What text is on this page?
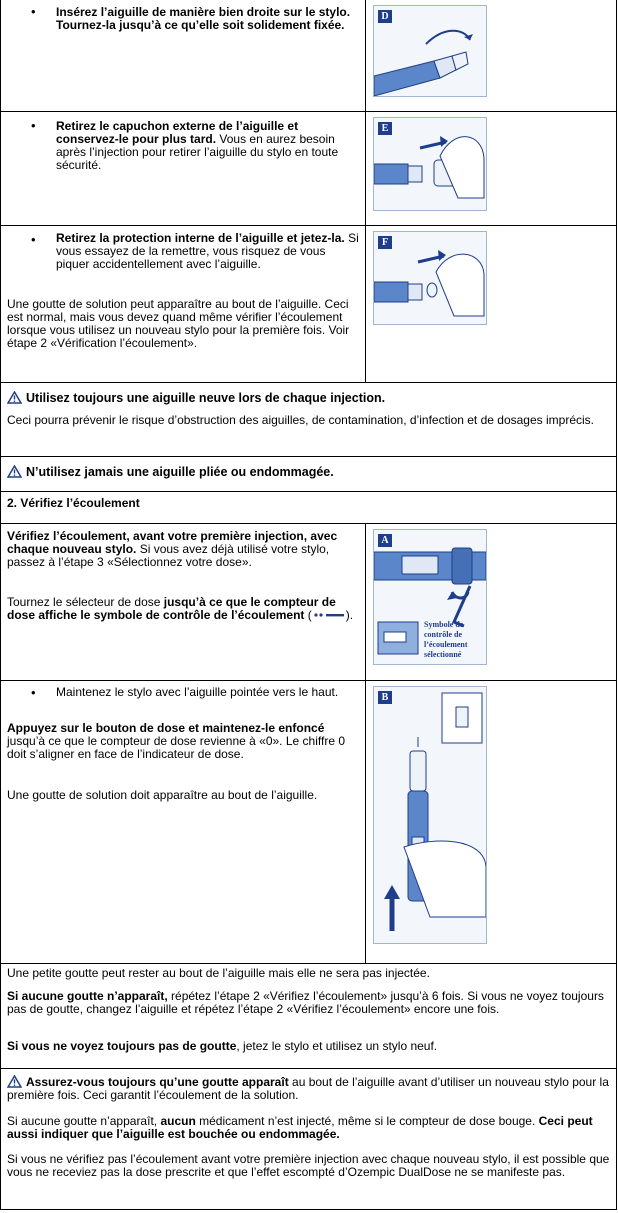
• Insérez l’aiguille de manière bien droite sur le stylo. Tournez-la jusqu’à ce qu’elle soit solidement fixée.
D
• Retirez le capuchon externe de l’aiguille et conservez-le pour plus tard. Vous en aurez besoin après l’injection pour retirer l’aiguille du stylo en toute sécurité.
E
• Retirez la protection interne de l’aiguille et jetez-la. Si vous essayez de la remettre, vous risquez de vous piquer accidentellement avec l’aiguille.
Une goutte de solution peut apparaître au bout de l’aiguille. Ceci est normal, mais vous devez quand même vérifier l’écoulement lorsque vous utilisez un nouveau stylo pour la première fois. Voir étape 2 «Vérification l’écoulement».
F
Utilisez toujours une aiguille neuve lors de chaque injection.
Ceci pourra prévenir le risque d’obstruction des aiguilles, de contamination, d’infection et de dosages imprécis.
N’utilisez jamais une aiguille pliée ou endommagée.
2. Vérifiez l’écoulement
Vérifiez l’écoulement, avant votre première injection, avec chaque nouveau stylo. Si vous avez déjà utilisé votre stylo, passez à l’étape 3 «Sélectionnez votre dose».
Tournez le sélecteur de dose jusqu’à ce que le compteur de dose affiche le symbole de contrôle de l’écoulement (	).
A
Symbole de contrôle de l’écoulement sélectionné
• Maintenez le stylo avec l’aiguille pointée vers le haut.
Appuyez sur le bouton de dose et maintenez-le enfoncé jusqu’à ce que le compteur de dose revienne à «0». Le chiffre 0 doit s’aligner en face de l’indicateur de dose.
Une goutte de solution doit apparaître au bout de l’aiguille.
B
Une petite goutte peut rester au bout de l’aiguille mais elle ne sera pas injectée.
Si aucune goutte n’apparaît, répétez l’étape 2 «Vérifiez l’écoulement» jusqu’à 6 fois. Si vous ne voyez toujours pas de goutte, changez l’aiguille et répétez l’étape 2 «Vérifiez l’écoulement» encore une fois.
Si vous ne voyez toujours pas de goutte, jetez le stylo et utilisez un stylo neuf.
Assurez-vous toujours qu’une goutte apparaît au bout de l’aiguille avant d’utiliser un nouveau stylo pour la première fois. Ceci garantit l’écoulement de la solution.
Si aucune goutte n’apparaît, aucun médicament n’est injecté, même si le compteur de dose bouge. Ceci peut aussi indiquer que l’aiguille est bouchée ou endommagée.
Si vous ne vérifiez pas l’écoulement avant votre première injection avec chaque nouveau stylo, il est possible que vous ne receviez pas la dose prescrite et que l’effet escompté d’Ozempic DualDose ne se manifeste pas.
